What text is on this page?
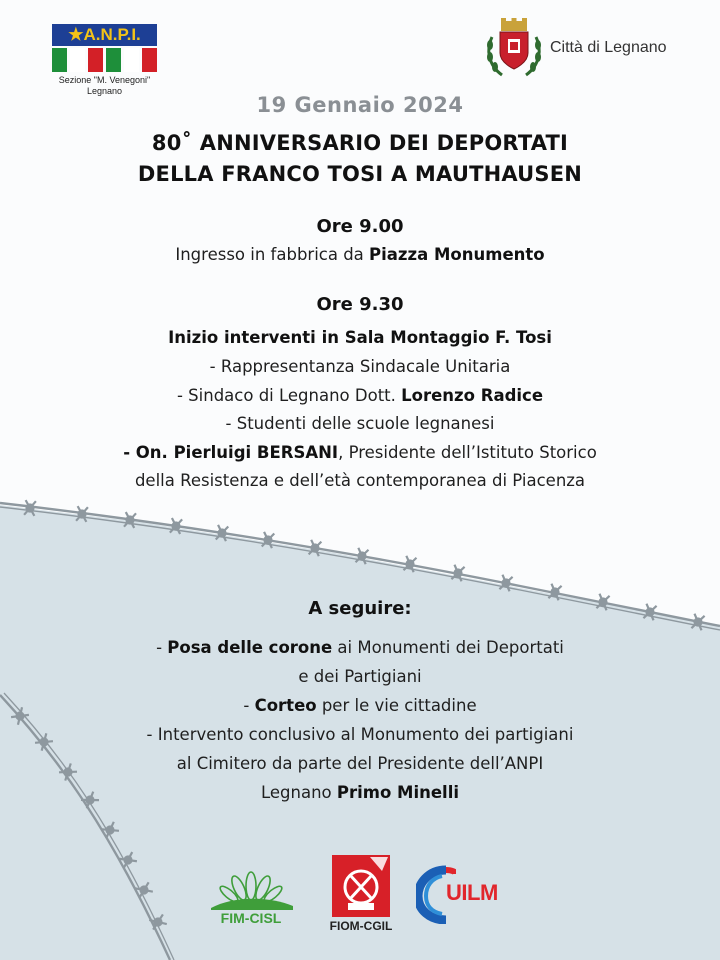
★A.N.P.I.
Sezione "M. Venegoni"
Legnano
Città di Legnano
19 Gennaio 2024
80˚ ANNIVERSARIO DEI DEPORTATI
DELLA FRANCO TOSI A MAUTHAUSEN
Ore 9.00
Ingresso in fabbrica da Piazza Monumento
Ore 9.30
Inizio interventi in Sala Montaggio F. Tosi
- Rappresentanza Sindacale Unitaria
- Sindaco di Legnano Dott. Lorenzo Radice
- Studenti delle scuole legnanesi
- On. Pierluigi BERSANI, Presidente dell’Istituto Storico
della Resistenza e dell’età contemporanea di Piacenza
A seguire:
- Posa delle corone ai Monumenti dei Deportati
e dei Partigiani
- Corteo per le vie cittadine
- Intervento conclusivo al Monumento dei partigiani
al Cimitero da parte del Presidente dell’ANPI
Legnano Primo Minelli
FIM-CISL	FIOM-CGIL
UILM
